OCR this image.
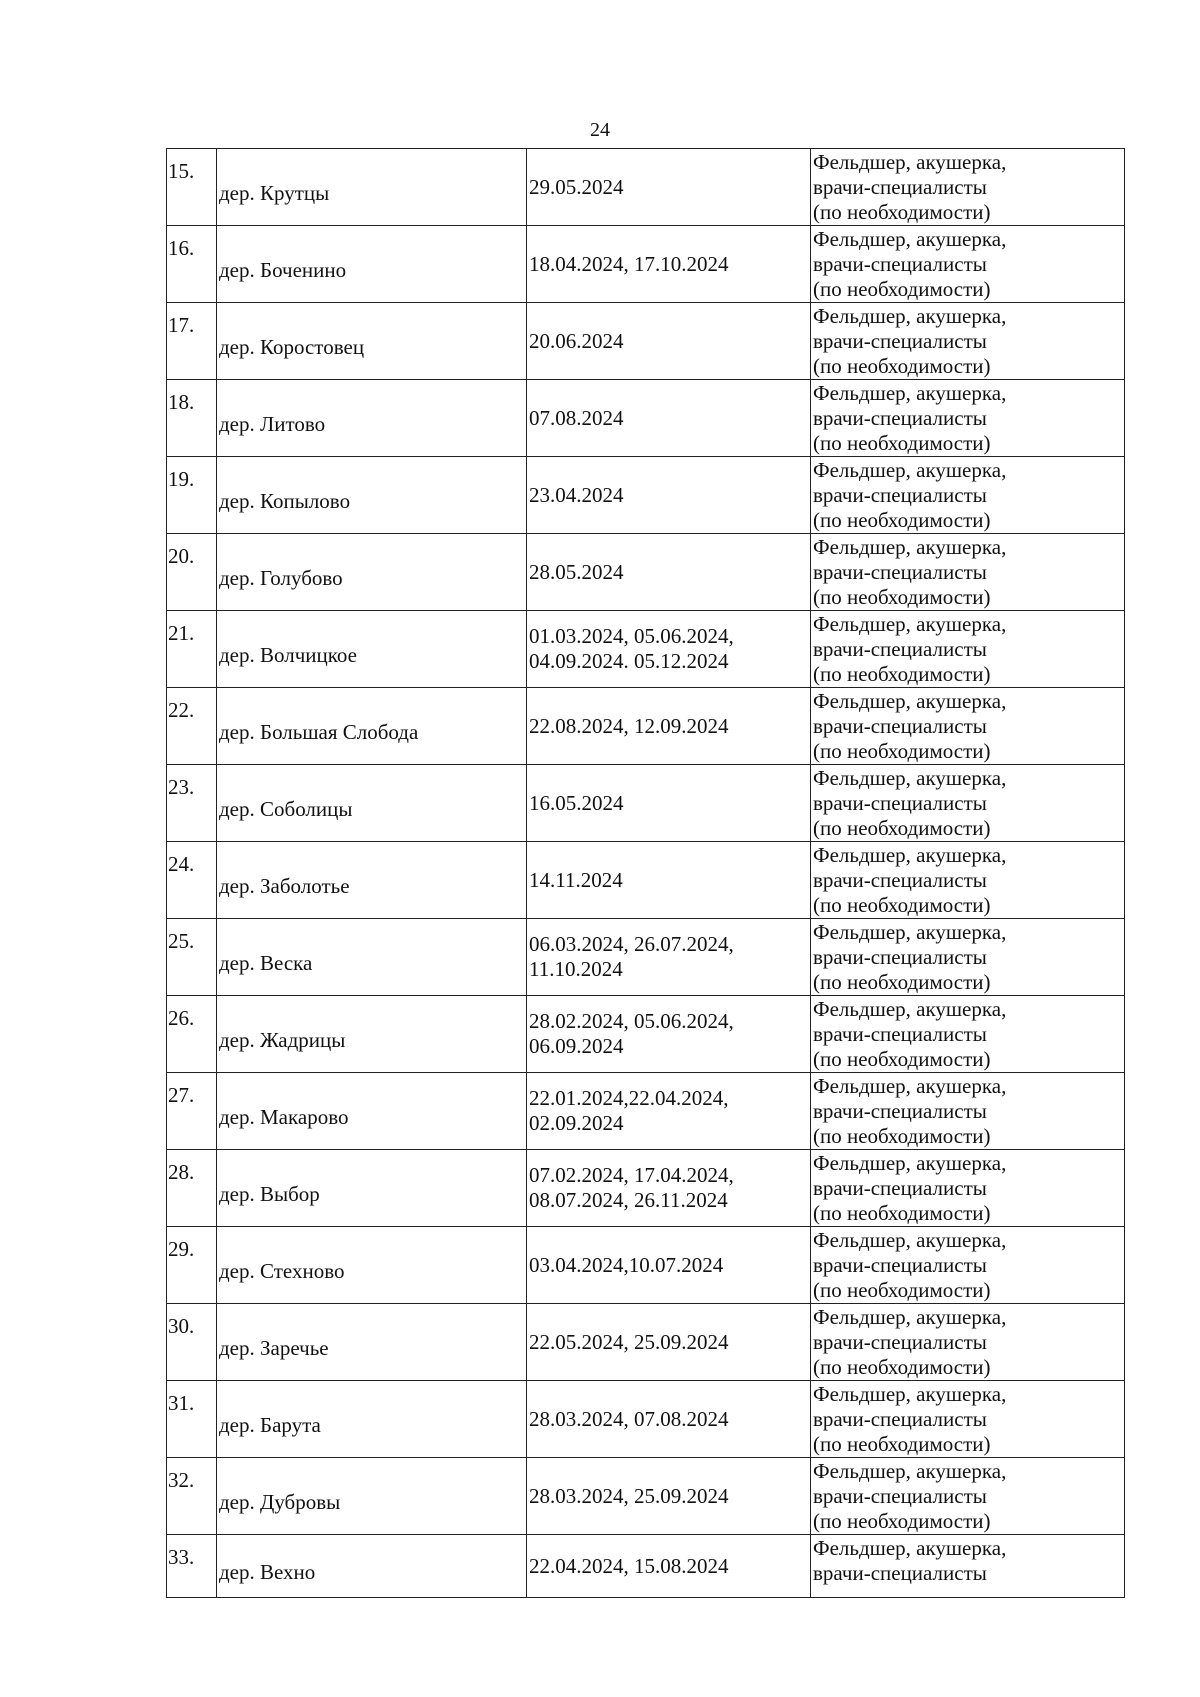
24
15.	дер. Крутцы	29.05.2024	Фельдшер, акушерка,
врачи-специалисты
(по необходимости)

16.	дер. Боченино	18.04.2024, 17.10.2024	Фельдшер, акушерка,
врачи-специалисты
(по необходимости)

17.	дер. Коростовец	20.06.2024	Фельдшер, акушерка,
врачи-специалисты
(по необходимости)

18.	дер. Литово	07.08.2024	Фельдшер, акушерка,
врачи-специалисты
(по необходимости)

19.	дер. Копылово	23.04.2024	Фельдшер, акушерка,
врачи-специалисты
(по необходимости)

20.	дер. Голубово	28.05.2024	Фельдшер, акушерка,
врачи-специалисты
(по необходимости)

21.	дер. Волчицкое	01.03.2024, 05.06.2024,
04.09.2024. 05.12.2024	Фельдшер, акушерка,
врачи-специалисты
(по необходимости)

22.	дер. Большая Слобода	22.08.2024, 12.09.2024	Фельдшер, акушерка,
врачи-специалисты
(по необходимости)

23.	дер. Соболицы	16.05.2024	Фельдшер, акушерка,
врачи-специалисты
(по необходимости)

24.	дер. Заболотье	14.11.2024	Фельдшер, акушерка,
врачи-специалисты
(по необходимости)

25.	дер. Веска	06.03.2024, 26.07.2024,
11.10.2024	Фельдшер, акушерка,
врачи-специалисты
(по необходимости)

26.	дер. Жадрицы	28.02.2024, 05.06.2024,
06.09.2024	Фельдшер, акушерка,
врачи-специалисты
(по необходимости)

27.	дер. Макарово	22.01.2024,22.04.2024,
02.09.2024	Фельдшер, акушерка,
врачи-специалисты
(по необходимости)

28.	дер. Выбор	07.02.2024, 17.04.2024,
08.07.2024, 26.11.2024	Фельдшер, акушерка,
врачи-специалисты
(по необходимости)

29.	дер. Стехново	03.04.2024,10.07.2024	Фельдшер, акушерка,
врачи-специалисты
(по необходимости)

30.	дер. Заречье	22.05.2024, 25.09.2024	Фельдшер, акушерка,
врачи-специалисты
(по необходимости)

31.	дер. Барута	28.03.2024, 07.08.2024	Фельдшер, акушерка,
врачи-специалисты
(по необходимости)

32.	дер. Дубровы	28.03.2024, 25.09.2024	Фельдшер, акушерка,
врачи-специалисты
(по необходимости)

33.	дер. Вехно	22.04.2024, 15.08.2024	Фельдшер, акушерка,
врачи-специалисты
